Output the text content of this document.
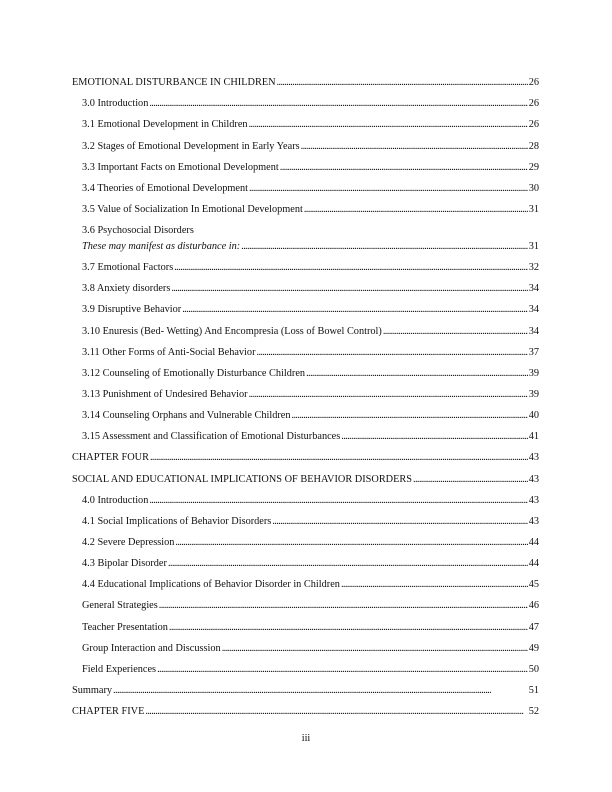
EMOTIONAL DISTURBANCE IN CHILDREN . . .	26
3.0 Introduction . . .	26
3.1 Emotional Development in Children . . .	26
3.2 Stages of Emotional Development in Early Years . . .	28
3.3 Important Facts on Emotional Development . . .	29
3.4 Theories of Emotional Development . . .	30
3.5 Value of Socialization In Emotional Development . . .	31
3.6 Psychosocial Disorders
These may manifest as disturbance in: . . .	31
3.7 Emotional Factors . . .	32
3.8 Anxiety disorders . . .	34
3.9 Disruptive Behavior . . .	34
3.10 Enuresis (Bed- Wetting) And Encompresia (Loss of Bowel Control) . . .	34
3.11 Other Forms of Anti-Social Behavior . . .	37
3.12 Counseling of Emotionally Disturbance Children . . .	39
3.13 Punishment of Undesired Behavior . . .	39
3.14 Counseling Orphans and Vulnerable Children . . .	40
3.15 Assessment and Classification of Emotional Disturbances . . .	41
CHAPTER FOUR . . .	43
SOCIAL AND EDUCATIONAL IMPLICATIONS OF BEHAVIOR DISORDERS . . .	43
4.0 Introduction . . .	43
4.1 Social Implications of Behavior Disorders . . .	43
4.2 Severe Depression . . .	44
4.3 Bipolar Disorder . . .	44
4.4 Educational Implications of Behavior Disorder in Children . . .	45
General Strategies . . .	46
Teacher Presentation . . .	47
Group Interaction and Discussion . . .	49
Field Experiences . . .	50
Summary . . .	51
CHAPTER FIVE . . .	52
iii
